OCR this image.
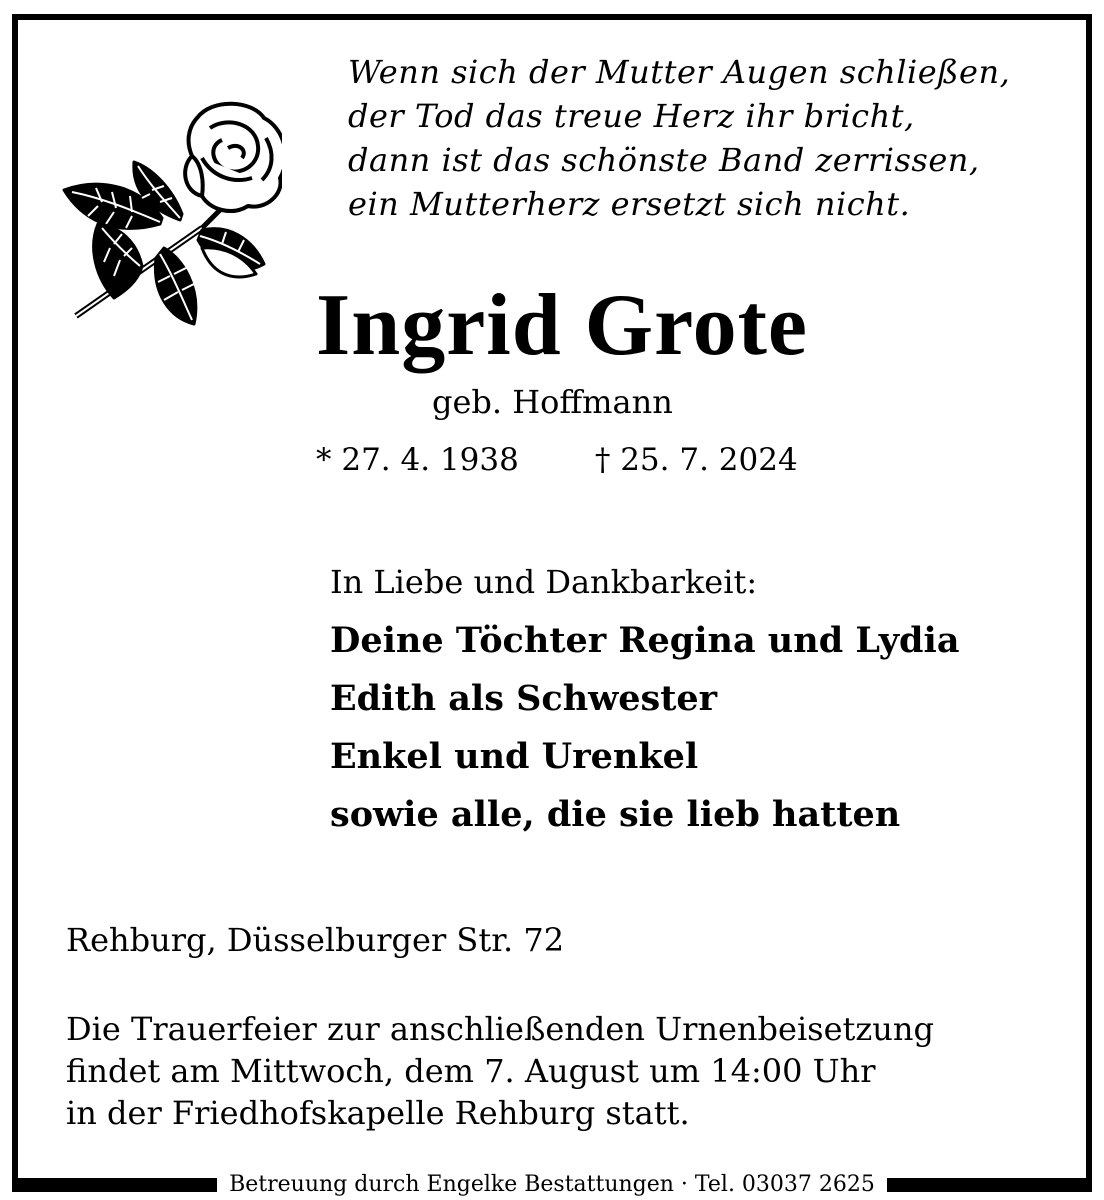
Wenn sich der Mutter Augen schließen,
der Tod das treue Herz ihr bricht,
dann ist das schönste Band zerrissen,
ein Mutterherz ersetzt sich nicht.
Ingrid Grote
geb. Hoffmann
* 27. 4. 1938 † 25. 7. 2024
In Liebe und Dankbarkeit:
Deine Töchter Regina und Lydia
Edith als Schwester
Enkel und Urenkel
sowie alle, die sie lieb hatten
Rehburg, Düsselburger Str. 72
Die Trauerfeier zur anschließenden Urnenbeisetzung
findet am Mittwoch, dem 7. August um 14:00 Uhr
in der Friedhofskapelle Rehburg statt.
Betreuung durch Engelke Bestattungen · Tel. 03037 2625
